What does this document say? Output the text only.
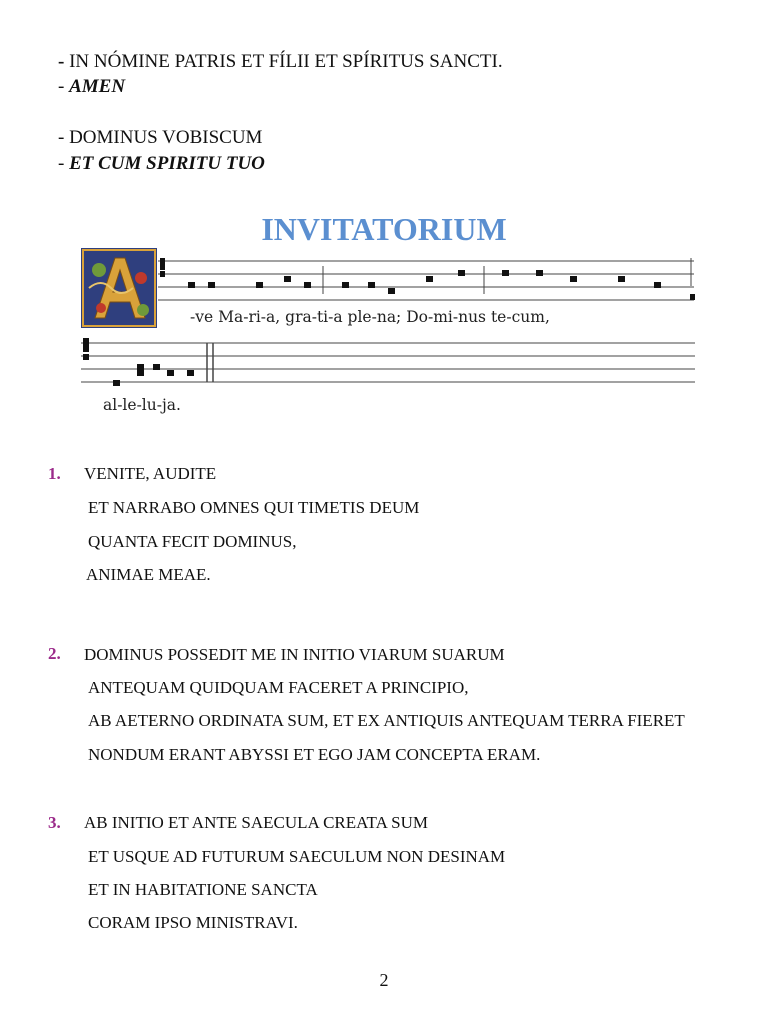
- IN NÓMINE PATRIS ET FÍLII ET SPÍRITUS SANCTI.
- AMEN
- DOMINUS VOBISCUM
- ET CUM SPIRITU TUO
INVITATORIUM
-ve Ma-ri-a, gra-ti-a ple-na; Do-mi-nus te-cum,
al-le-lu-ja.
1. VENITE, AUDITE
ET NARRABO OMNES QUI TIMETIS DEUM
QUANTA FECIT DOMINUS,
ANIMAE MEAE.
2. DOMINUS POSSEDIT ME IN INITIO VIARUM SUARUM
ANTEQUAM QUIDQUAM FACERET A PRINCIPIO,
AB AETERNO ORDINATA SUM, ET EX ANTIQUIS ANTEQUAM TERRA FIERET
NONDUM ERANT ABYSSI ET EGO JAM CONCEPTA ERAM.
3. AB INITIO ET ANTE SAECULA CREATA SUM
ET USQUE AD FUTURUM SAECULUM NON DESINAM
ET IN HABITATIONE SANCTA
CORAM IPSO MINISTRAVI.
2
